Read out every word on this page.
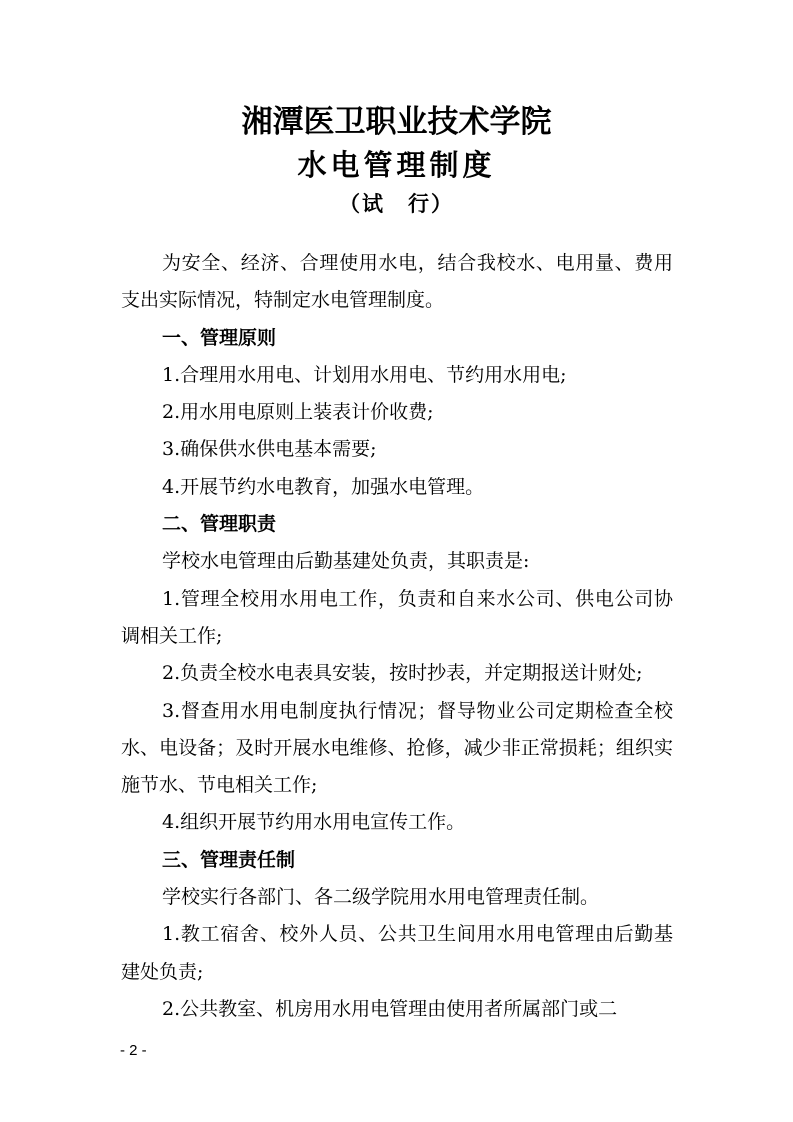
湘潭医卫职业技术学院
水电管理制度
（试　行）

为安全、经济、合理使用水电，结合我校水、电用量、费用支出实际情况，特制定水电管理制度。

一、管理原则

1.合理用水用电、计划用水用电、节约用水用电;

2.用水用电原则上装表计价收费;

3.确保供水供电基本需要;

4.开展节约水电教育，加强水电管理。

二、管理职责

学校水电管理由后勤基建处负责，其职责是:

1.管理全校用水用电工作，负责和自来水公司、供电公司协调相关工作;

2.负责全校水电表具安装，按时抄表，并定期报送计财处;

3.督查用水用电制度执行情况；督导物业公司定期检查全校水、电设备；及时开展水电维修、抢修，减少非正常损耗；组织实施节水、节电相关工作;

4.组织开展节约用水用电宣传工作。

三、管理责任制

学校实行各部门、各二级学院用水用电管理责任制。

1.教工宿舍、校外人员、公共卫生间用水用电管理由后勤基建处负责;

2.公共教室、机房用水用电管理由使用者所属部门或二

- 2 -
